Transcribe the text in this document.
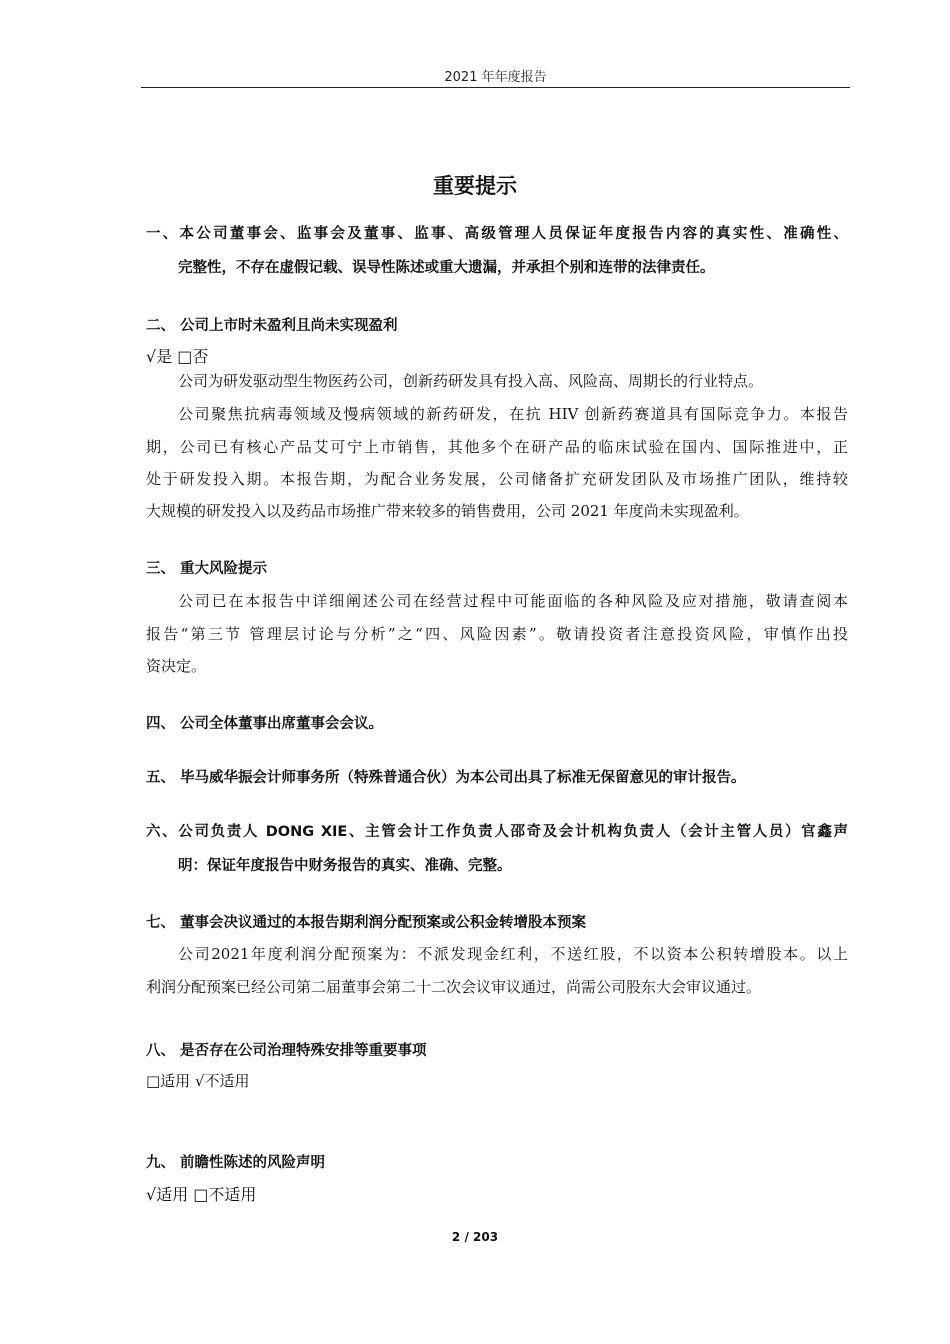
2021 年年度报告
重要提示
一、本公司董事会、监事会及董事、监事、高级管理人员保证年度报告内容的真实性、准确性、
完整性，不存在虚假记载、误导性陈述或重大遗漏，并承担个别和连带的法律责任。
二、 公司上市时未盈利且尚未实现盈利
√是 □否
公司为研发驱动型生物医药公司，创新药研发具有投入高、风险高、周期长的行业特点。
公司聚焦抗病毒领域及慢病领域的新药研发，在抗 HIV 创新药赛道具有国际竞争力。本报告
期，公司已有核心产品艾可宁上市销售，其他多个在研产品的临床试验在国内、国际推进中，正
处于研发投入期。本报告期，为配合业务发展，公司储备扩充研发团队及市场推广团队，维持较
大规模的研发投入以及药品市场推广带来较多的销售费用，公司 2021 年度尚未实现盈利。
三、 重大风险提示
公司已在本报告中详细阐述公司在经营过程中可能面临的各种风险及应对措施，敬请查阅本
报告“第三节 管理层讨论与分析”之“四、风险因素”。敬请投资者注意投资风险，审慎作出投
资决定。
四、 公司全体董事出席董事会会议。
五、 毕马威华振会计师事务所（特殊普通合伙）为本公司出具了标准无保留意见的审计报告。
六、公司负责人 DONG XIE、主管会计工作负责人邵奇及会计机构负责人（会计主管人员）官鑫声
明：保证年度报告中财务报告的真实、准确、完整。
七、 董事会决议通过的本报告期利润分配预案或公积金转增股本预案
公司2021年度利润分配预案为：不派发现金红利，不送红股，不以资本公积转增股本。以上
利润分配预案已经公司第二届董事会第二十二次会议审议通过，尚需公司股东大会审议通过。
八、 是否存在公司治理特殊安排等重要事项
□适用 √不适用
九、 前瞻性陈述的风险声明
√适用 □不适用
2 / 203
